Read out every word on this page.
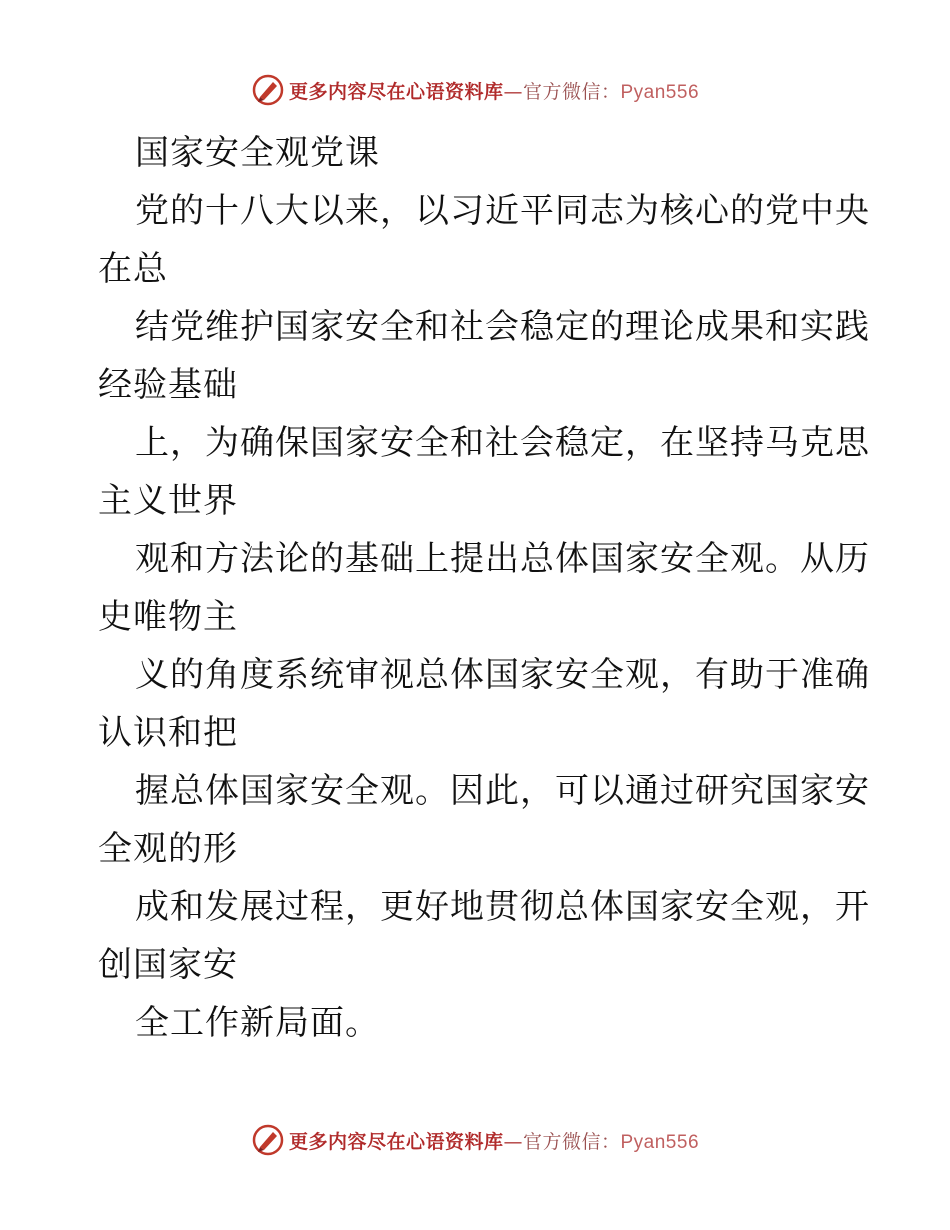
更多内容尽在心语资料库—官方微信：Pyan556
国家安全观党课
党的十八大以来，以习近平同志为核心的党中央
在总
结党维护国家安全和社会稳定的理论成果和实践
经验基础
上，为确保国家安全和社会稳定，在坚持马克思
主义世界
观和方法论的基础上提出总体国家安全观。从历
史唯物主
义的角度系统审视总体国家安全观，有助于准确
认识和把
握总体国家安全观。因此，可以通过研究国家安
全观的形
成和发展过程，更好地贯彻总体国家安全观，开
创国家安
全工作新局面。
更多内容尽在心语资料库—官方微信：Pyan556
